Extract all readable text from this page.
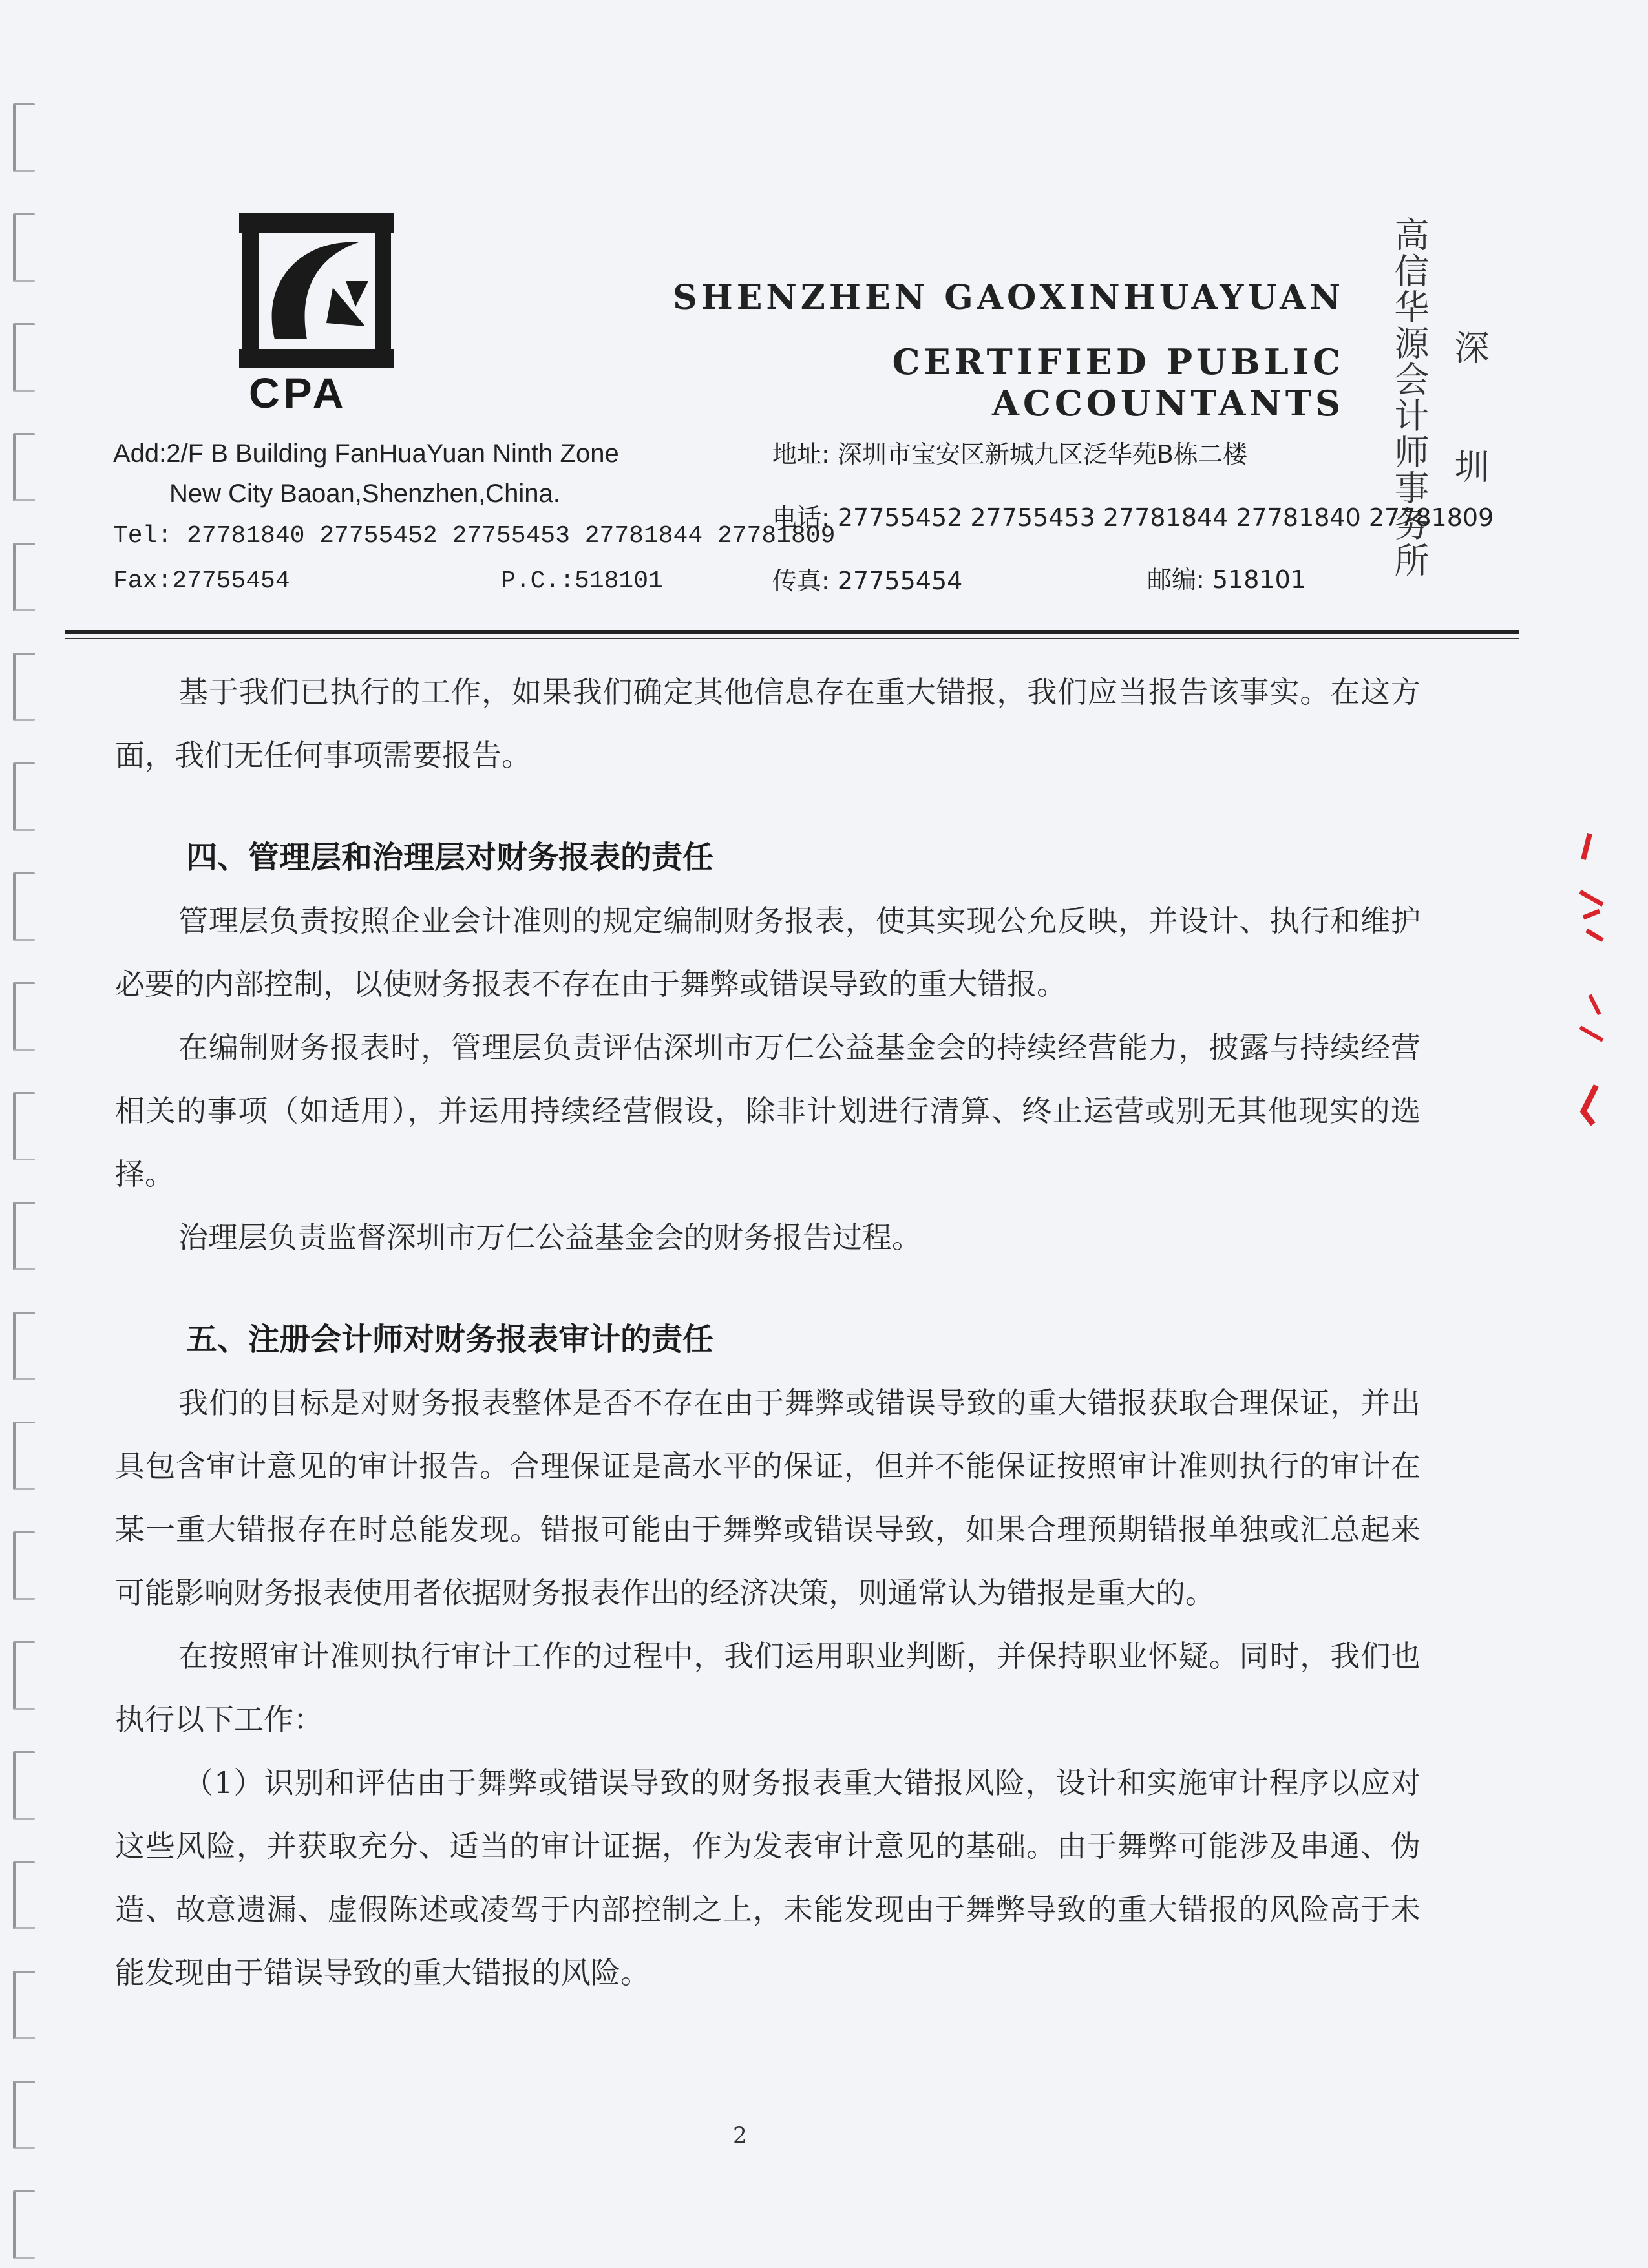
CPA
SHENZHEN GAOXINHUAYUAN
CERTIFIED PUBLIC ACCOUNTANTS 高信华源会计师事务所 深圳
Add:2/F B Building FanHuaYuan Ninth Zone
New City Baoan,Shenzhen,China.
Tel: 27781840 27755452 27755453 27781844 27781809
Fax:27755454	P.C.:518101
地址: 深圳市宝安区新城九区泛华苑B栋二楼
电话: 27755452 27755453 27781844 27781840 27781809
传真: 27755454	邮编: 518101

基于我们已执行的工作，如果我们确定其他信息存在重大错报，我们应当报告该事实。在这方面，我们无任何事项需要报告。

四、管理层和治理层对财务报表的责任

管理层负责按照企业会计准则的规定编制财务报表，使其实现公允反映，并设计、执行和维护必要的内部控制，以使财务报表不存在由于舞弊或错误导致的重大错报。

在编制财务报表时，管理层负责评估深圳市万仁公益基金会的持续经营能力，披露与持续经营相关的事项（如适用），并运用持续经营假设，除非计划进行清算、终止运营或别无其他现实的选择。

治理层负责监督深圳市万仁公益基金会的财务报告过程。

五、注册会计师对财务报表审计的责任

我们的目标是对财务报表整体是否不存在由于舞弊或错误导致的重大错报获取合理保证，并出具包含审计意见的审计报告。合理保证是高水平的保证，但并不能保证按照审计准则执行的审计在某一重大错报存在时总能发现。错报可能由于舞弊或错误导致，如果合理预期错报单独或汇总起来可能影响财务报表使用者依据财务报表作出的经济决策，则通常认为错报是重大的。

在按照审计准则执行审计工作的过程中，我们运用职业判断，并保持职业怀疑。同时，我们也执行以下工作：

（1）识别和评估由于舞弊或错误导致的财务报表重大错报风险，设计和实施审计程序以应对这些风险，并获取充分、适当的审计证据，作为发表审计意见的基础。由于舞弊可能涉及串通、伪造、故意遗漏、虚假陈述或凌驾于内部控制之上，未能发现由于舞弊导致的重大错报的风险高于未能发现由于错误导致的重大错报的风险。

2
